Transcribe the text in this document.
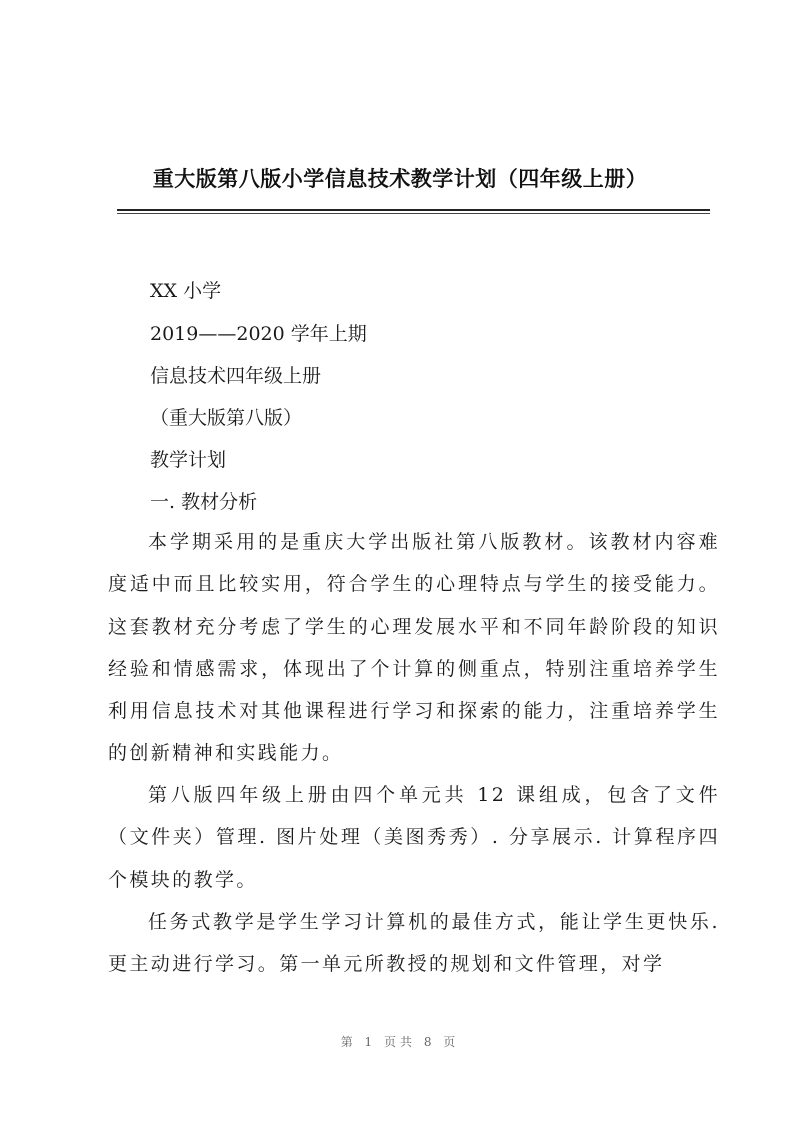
重大版第八版小学信息技术教学计划（四年级上册）
XX 小学
2019——2020 学年上期
信息技术四年级上册
（重大版第八版）
教学计划
一. 教材分析
本学期采用的是重庆大学出版社第八版教材。该教材内容难度适中而且比较实用，符合学生的心理特点与学生的接受能力。这套教材充分考虑了学生的心理发展水平和不同年龄阶段的知识经验和情感需求，体现出了个计算的侧重点，特别注重培养学生利用信息技术对其他课程进行学习和探索的能力，注重培养学生的创新精神和实践能力。
第八版四年级上册由四个单元共 12 课组成，包含了文件（文件夹）管理. 图片处理（美图秀秀）. 分享展示. 计算程序四个模块的教学。
任务式教学是学生学习计算机的最佳方式，能让学生更快乐. 更主动进行学习。第一单元所教授的规划和文件管理，对学
第 1 页共 8 页
